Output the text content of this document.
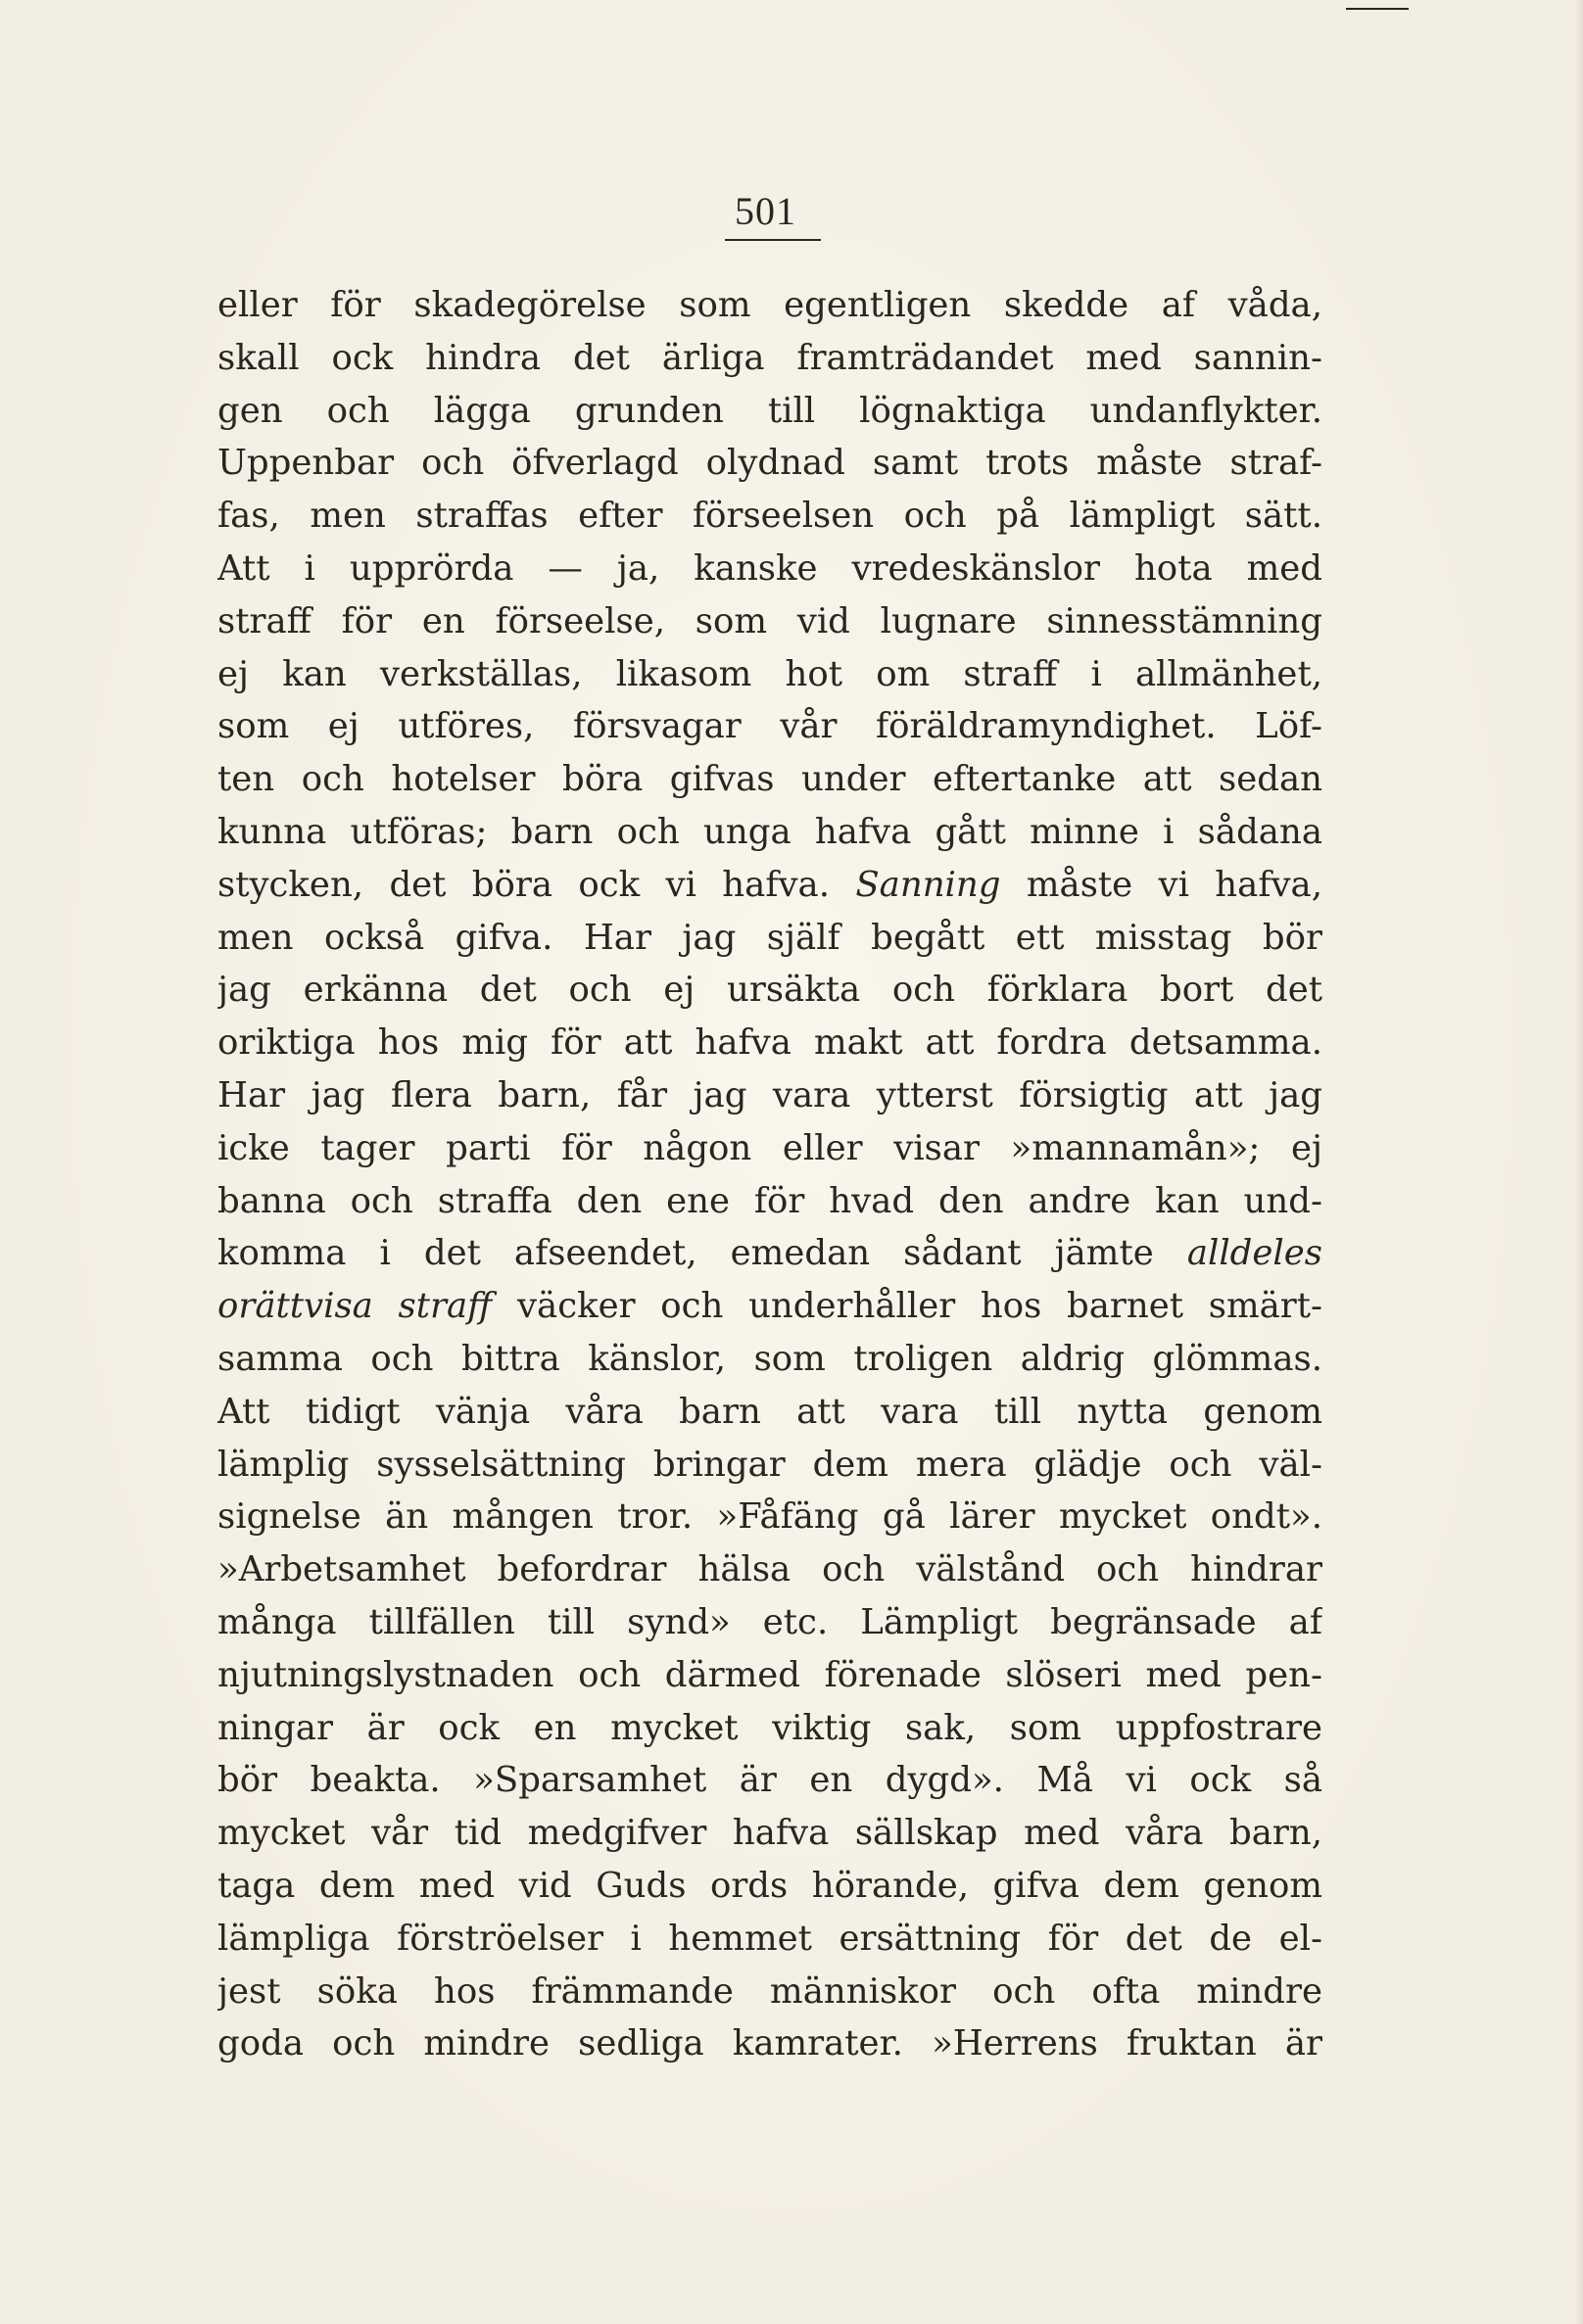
501
eller för skadegörelse som egentligen skedde af våda,
skall ock hindra det ärliga framträdandet med sannin-
gen och lägga grunden till lögnaktiga undanflykter.
Uppenbar och öfverlagd olydnad samt trots måste straf-
fas, men straffas efter förseelsen och på lämpligt sätt.
Att i upprörda — ja, kanske vredeskänslor hota med
straff för en förseelse, som vid lugnare sinnesstämning
ej kan verkställas, likasom hot om straff i allmänhet,
som ej utföres, försvagar vår föräldramyndighet. Löf-
ten och hotelser böra gifvas under eftertanke att sedan
kunna utföras; barn och unga hafva gått minne i sådana
stycken, det böra ock vi hafva. Sanning måste vi hafva,
men också gifva. Har jag själf begått ett misstag bör
jag erkänna det och ej ursäkta och förklara bort det
oriktiga hos mig för att hafva makt att fordra detsamma.
Har jag flera barn, får jag vara ytterst försigtig att jag
icke tager parti för någon eller visar »mannamån»; ej
banna och straffa den ene för hvad den andre kan und-
komma i det afseendet, emedan sådant jämte alldeles
orättvisa straff väcker och underhåller hos barnet smärt-
samma och bittra känslor, som troligen aldrig glömmas.
Att tidigt vänja våra barn att vara till nytta genom
lämplig sysselsättning bringar dem mera glädje och väl-
signelse än mången tror. »Fåfäng gå lärer mycket ondt».
»Arbetsamhet befordrar hälsa och välstånd och hindrar
många tillfällen till synd» etc. Lämpligt begränsade af
njutningslystnaden och därmed förenade slöseri med pen-
ningar är ock en mycket viktig sak, som uppfostrare
bör beakta. »Sparsamhet är en dygd». Må vi ock så
mycket vår tid medgifver hafva sällskap med våra barn,
taga dem med vid Guds ords hörande, gifva dem genom
lämpliga förströelser i hemmet ersättning för det de el-
jest söka hos främmande människor och ofta mindre
goda och mindre sedliga kamrater. »Herrens fruktan är
